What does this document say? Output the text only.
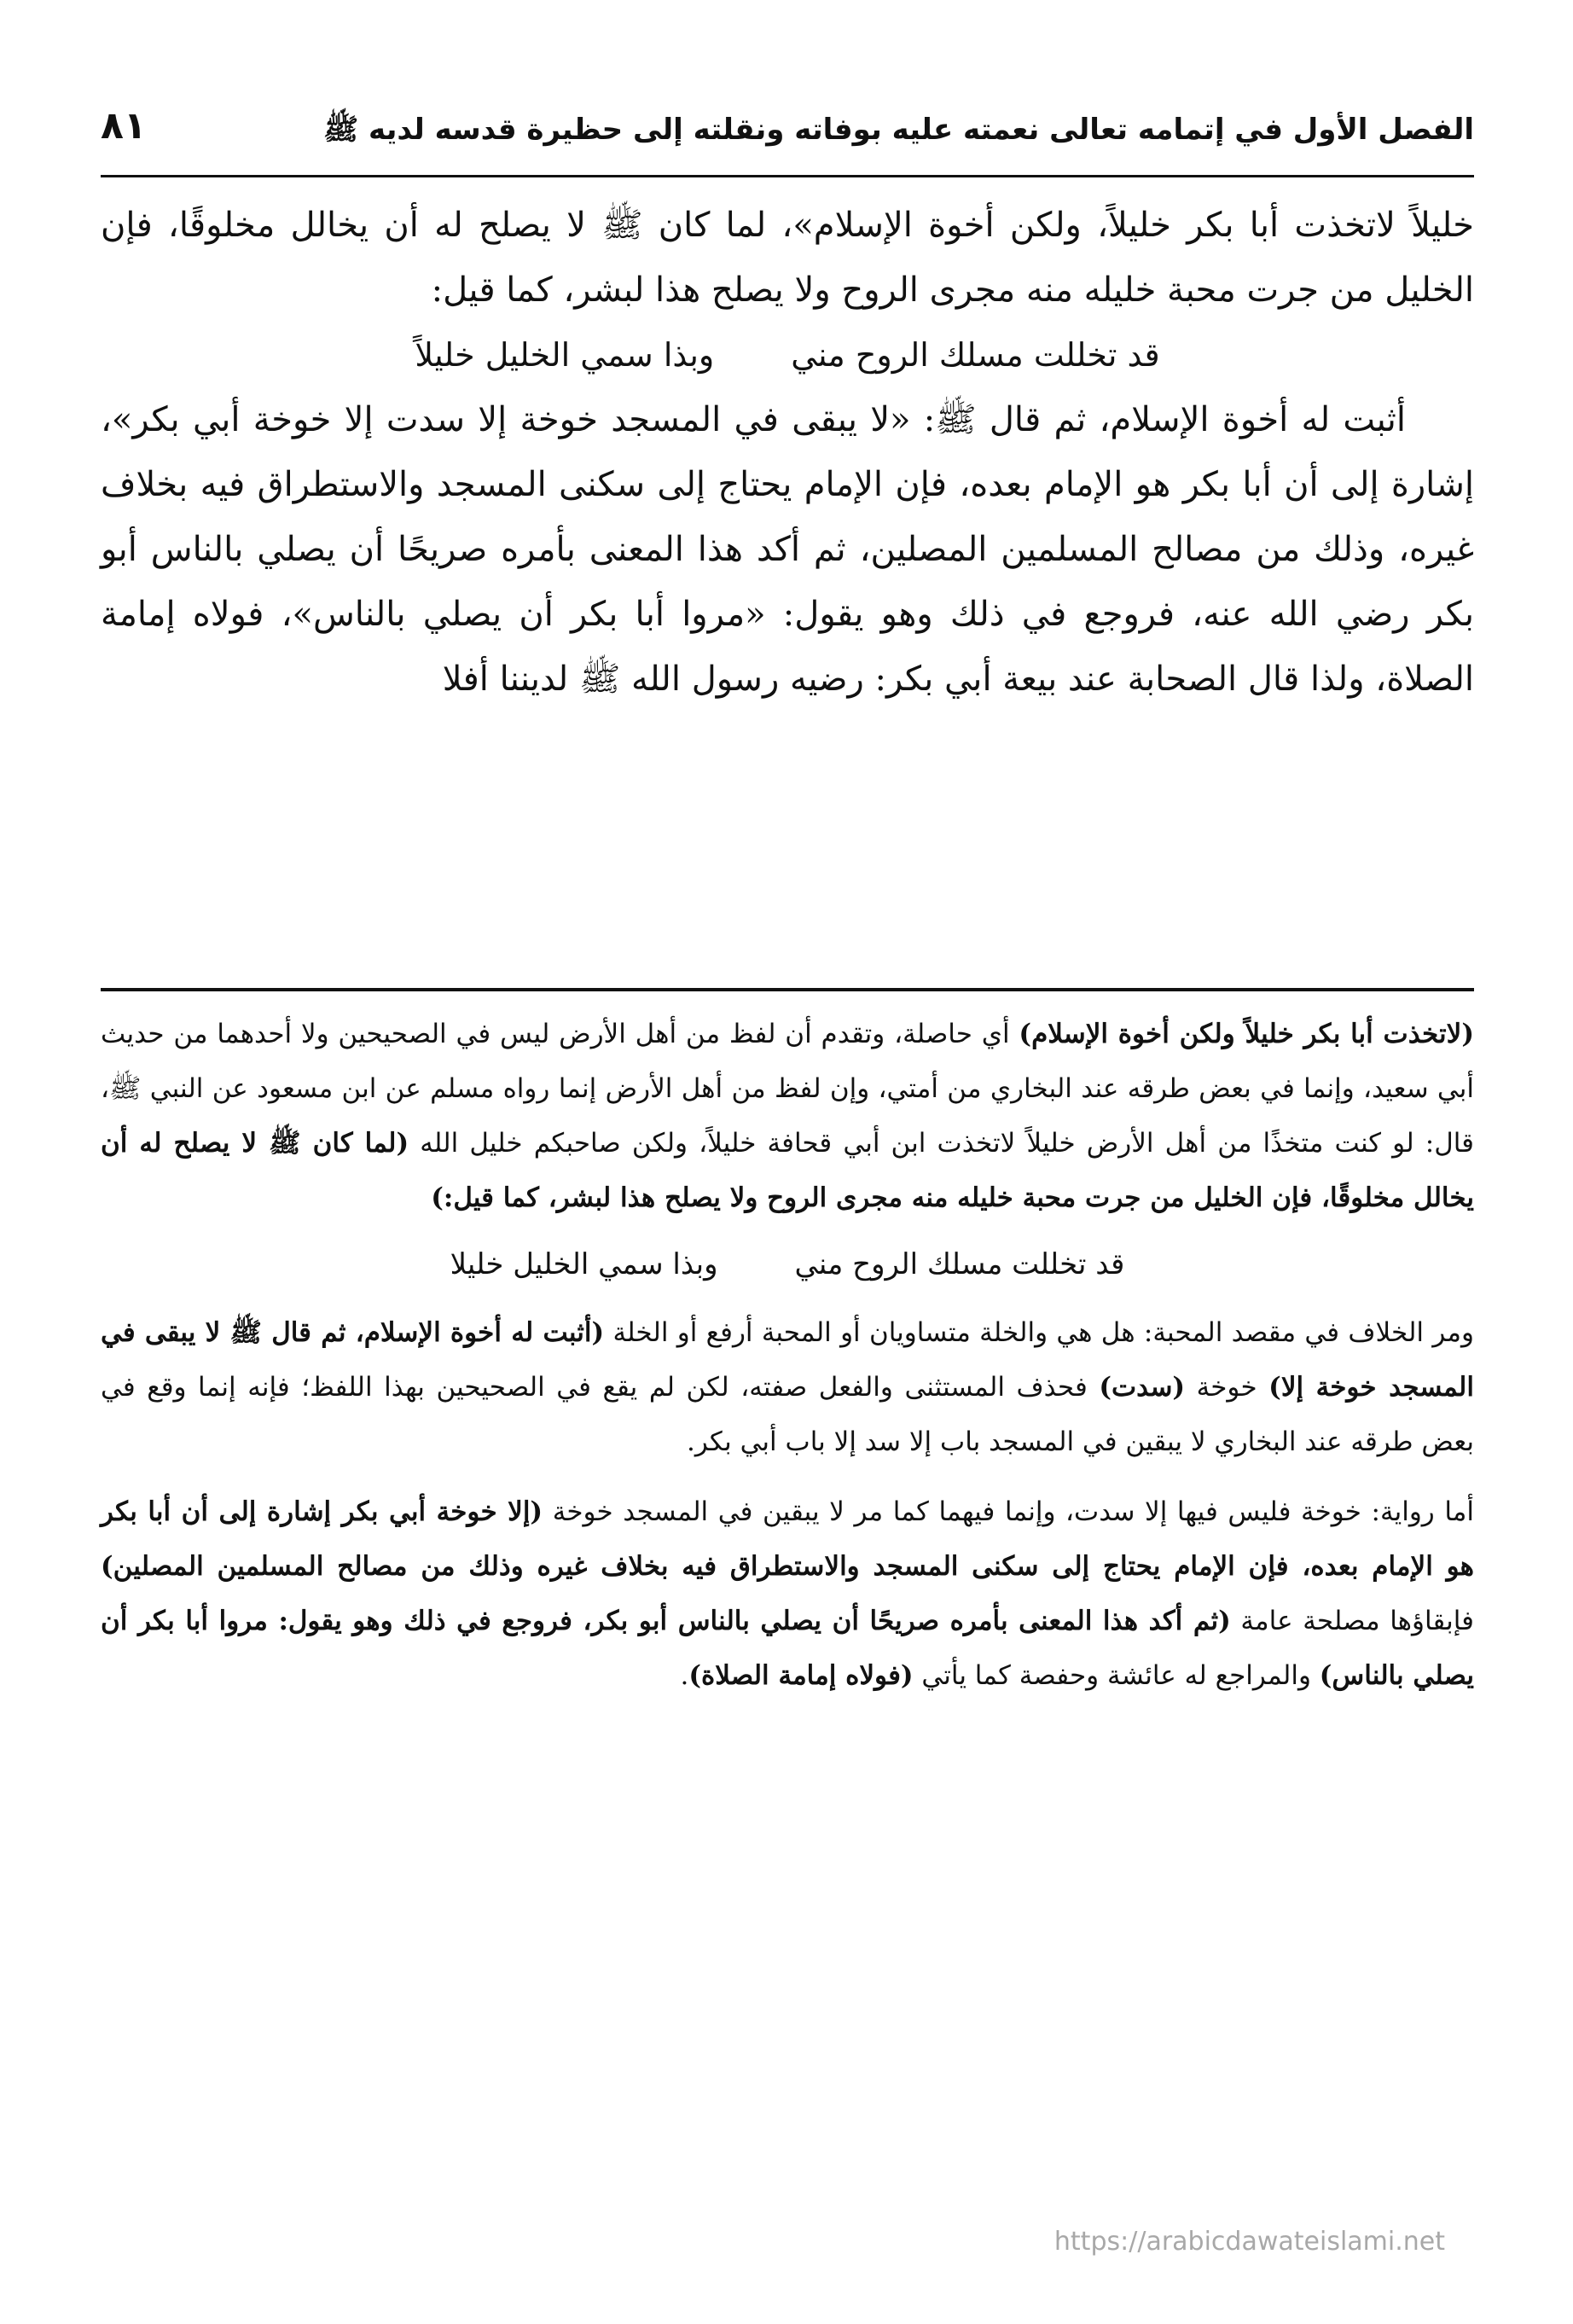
الفصل الأول في إتمامه تعالى نعمته عليه بوفاته ونقلته إلى حظيرة قدسه لديه ﷺ
٨١

خليلاً لاتخذت أبا بكر خليلاً، ولكن أخوة الإسلام»، لما كان ﷺ لا يصلح له أن يخالل مخلوقًا، فإن الخليل من جرت محبة خليله منه مجرى الروح ولا يصلح هذا لبشر، كما قيل:

قد تخللت مسلك الروح مني
وبذا سمي الخليل خليلاً

أثبت له أخوة الإسلام، ثم قال ﷺ: «لا يبقى في المسجد خوخة إلا سدت إلا خوخة أبي بكر»، إشارة إلى أن أبا بكر هو الإمام بعده، فإن الإمام يحتاج إلى سكنى المسجد والاستطراق فيه بخلاف غيره، وذلك من مصالح المسلمين المصلين، ثم أكد هذا المعنى بأمره صريحًا أن يصلي بالناس أبو بكر رضي الله عنه، فروجع في ذلك وهو يقول: «مروا أبا بكر أن يصلي بالناس»، فولاه إمامة الصلاة، ولذا قال الصحابة عند بيعة أبي بكر: رضيه رسول الله ﷺ لديننا أفلا

(لاتخذت أبا بكر خليلاً ولكن أخوة الإسلام) أي حاصلة، وتقدم أن لفظ من أهل الأرض ليس في الصحيحين ولا أحدهما من حديث أبي سعيد، وإنما في بعض طرقه عند البخاري من أمتي، وإن لفظ من أهل الأرض إنما رواه مسلم عن ابن مسعود عن النبي ﷺ، قال: لو كنت متخذًا من أهل الأرض خليلاً لاتخذت ابن أبي قحافة خليلاً، ولكن صاحبكم خليل الله (لما كان ﷺ لا يصلح له أن يخالل مخلوقًا، فإن الخليل من جرت محبة خليله منه مجرى الروح ولا يصلح هذا لبشر، كما قيل:)

قد تخللت مسلك الروح مني
وبذا سمي الخليل خليلا

ومر الخلاف في مقصد المحبة: هل هي والخلة متساويان أو المحبة أرفع أو الخلة (أثبت له أخوة الإسلام، ثم قال ﷺ لا يبقى في المسجد خوخة إلا) خوخة (سدت) فحذف المستثنى والفعل صفته، لكن لم يقع في الصحيحين بهذا اللفظ؛ فإنه إنما وقع في بعض طرقه عند البخاري لا يبقين في المسجد باب إلا سد إلا باب أبي بكر.

أما رواية: خوخة فليس فيها إلا سدت، وإنما فيهما كما مر لا يبقين في المسجد خوخة (إلا خوخة أبي بكر إشارة إلى أن أبا بكر هو الإمام بعده، فإن الإمام يحتاج إلى سكنى المسجد والاستطراق فيه بخلاف غيره وذلك من مصالح المسلمين المصلين) فإبقاؤها مصلحة عامة (ثم أكد هذا المعنى بأمره صريحًا أن يصلي بالناس أبو بكر، فروجع في ذلك وهو يقول: مروا أبا بكر أن يصلي بالناس) والمراجع له عائشة وحفصة كما يأتي (فولاه إمامة الصلاة).

https://arabicdawateislami.net
